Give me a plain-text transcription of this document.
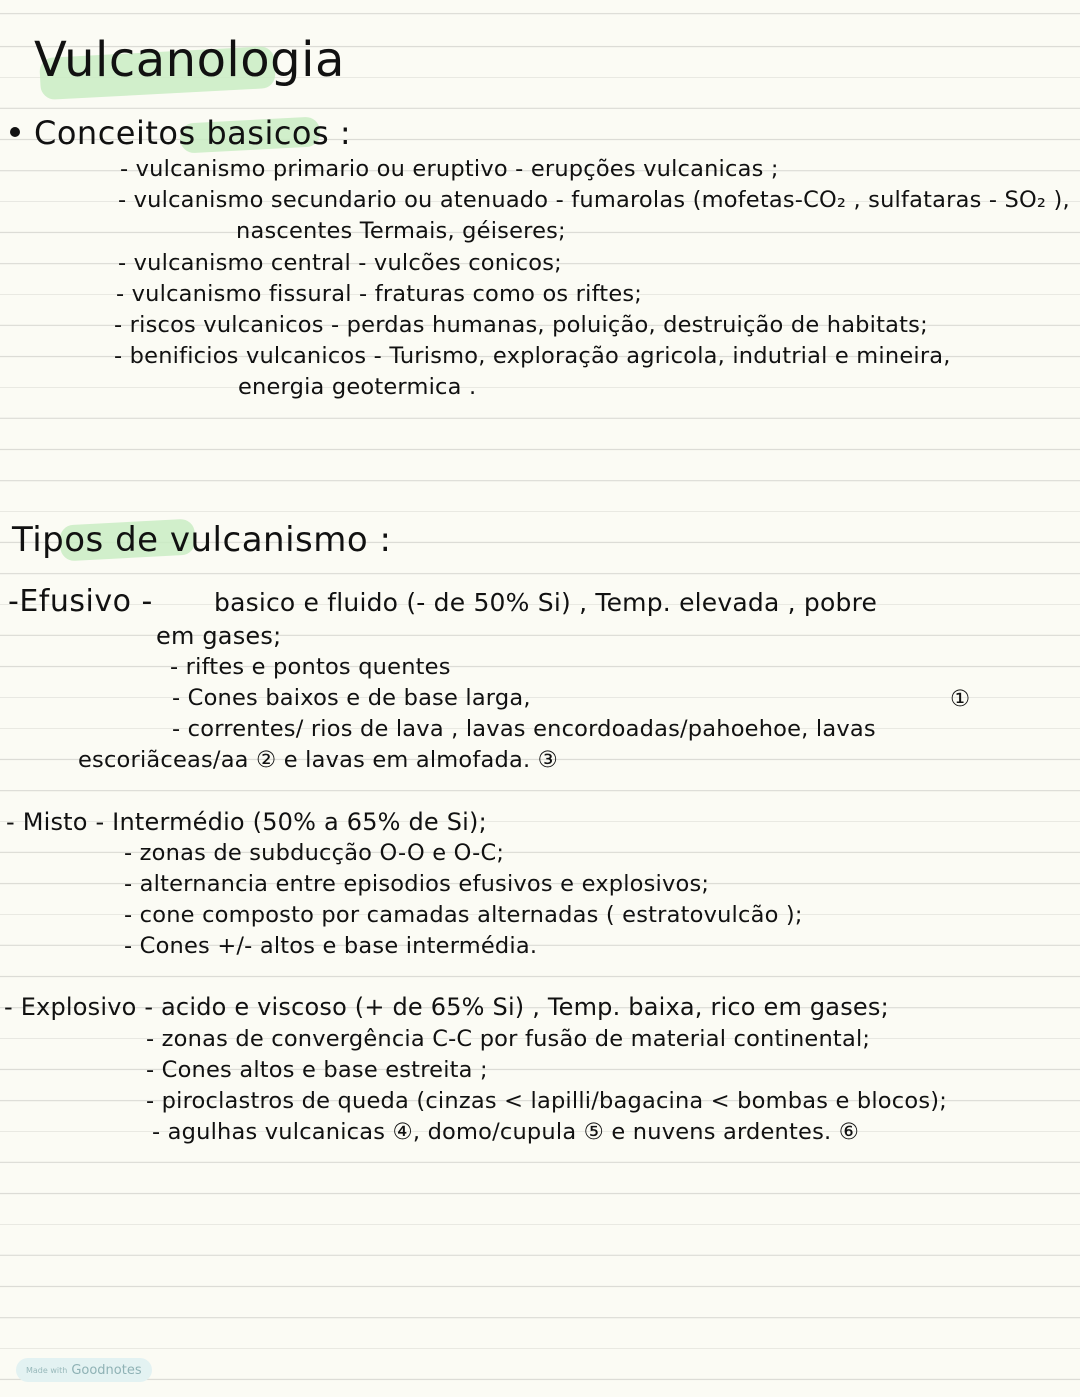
Vulcanologia
Conceitos basicos :
- vulcanismo primario ou eruptivo - erupções vulcanicas ;
- vulcanismo secundario ou atenuado - fumarolas (mofetas-CO₂ , sulfataras - SO₂ ),
nascentes Termais, géiseres;
- vulcanismo central - vulcões conicos;
- vulcanismo fissural - fraturas como os riftes;
- riscos vulcanicos - perdas humanas, poluição, destruição de habitats;
- benificios vulcanicos - Turismo, exploração agricola, indutrial e mineira,
energia geotermica .
Tipos de vulcanismo :
-Efusivo - basico e fluido (- de 50% Si) , Temp. elevada , pobre
em gases;
- riftes e pontos quentes
- Cones baixos e de base larga,	①
- correntes/ rios de lava , lavas encordoadas/pahoehoe, lavas
escoriãceas/aa ② e lavas em almofada. ③
- Misto - Intermédio (50% a 65% de Si);
- zonas de subducção O-O e O-C;
- alternancia entre episodios efusivos e explosivos;
- cone composto por camadas alternadas ( estratovulcão );
- Cones +/- altos e base intermédia.
- Explosivo - acido e viscoso (+ de 65% Si) , Temp. baixa, rico em gases;
- zonas de convergência C-C por fusão de material continental;
- Cones altos e base estreita ;
- piroclastros de queda (cinzas < lapilli/bagacina < bombas e blocos);
- agulhas vulcanicas ④, domo/cupula ⑤ e nuvens ardentes. ⑥
Made with Goodnotes
